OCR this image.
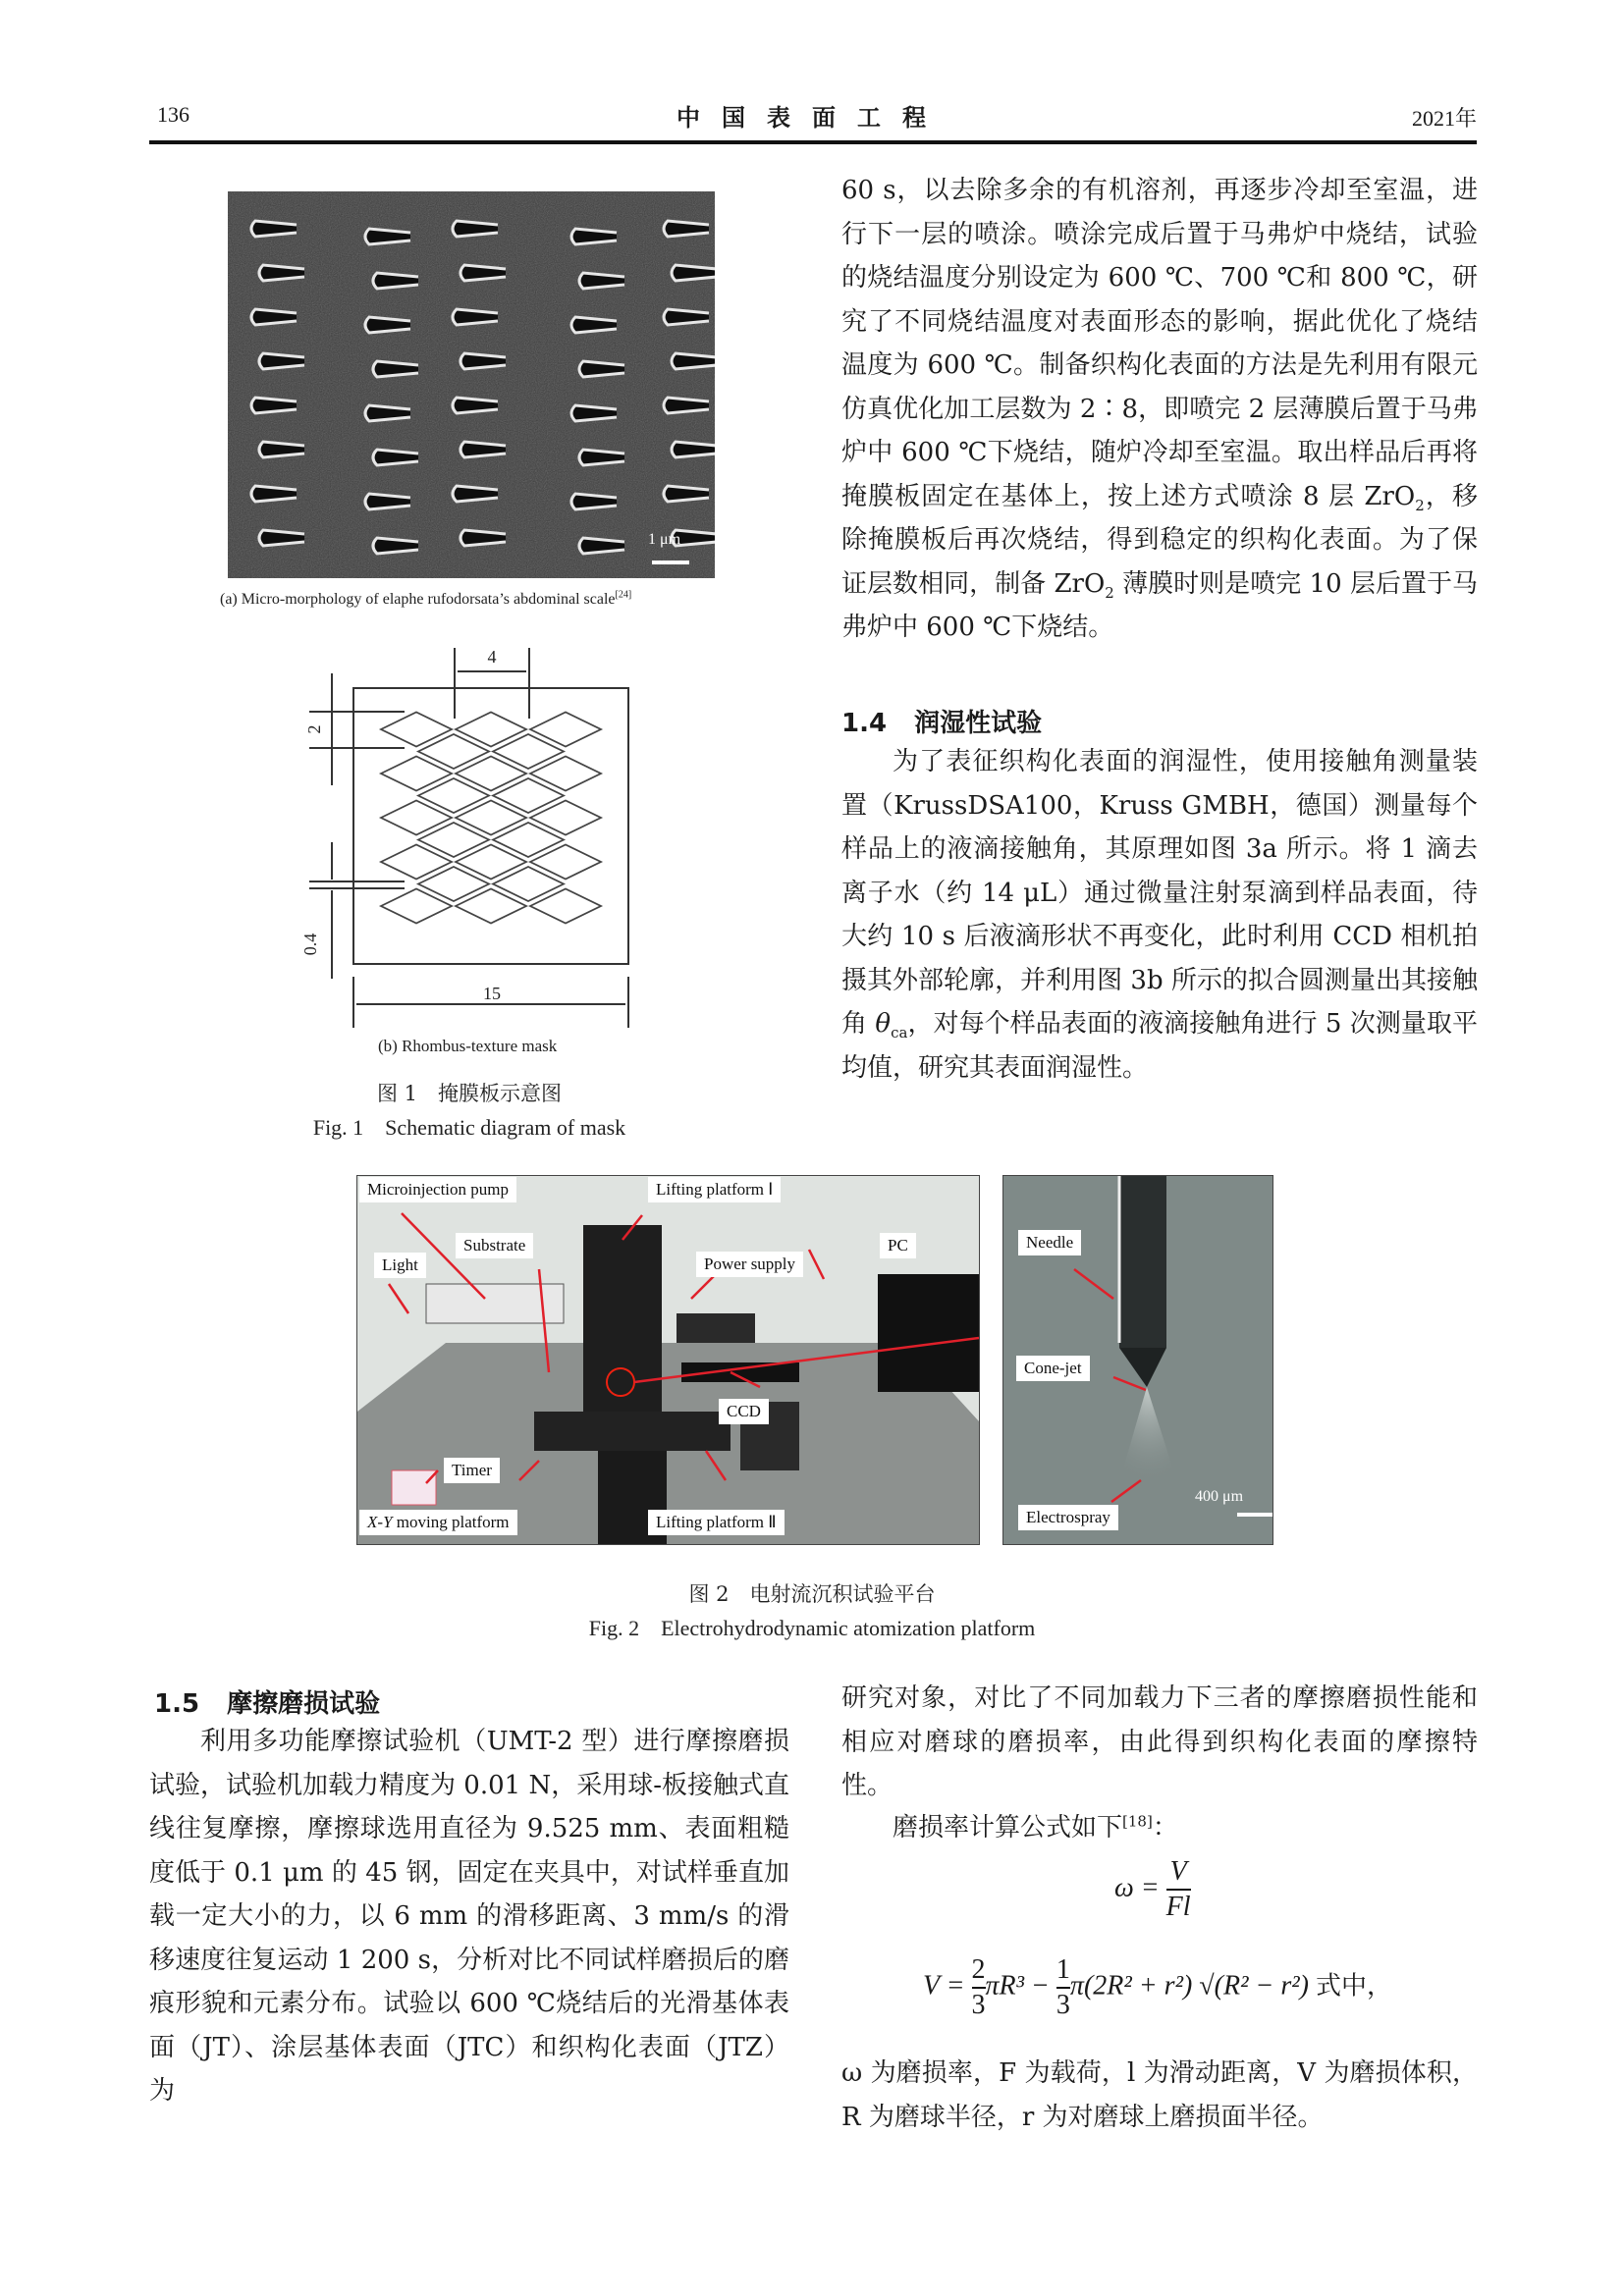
136	中国表面工程	2021年
1 μm
(a) Micro-morphology of elaphe rufodorsata’s abdominal scale[24]
4
15
2
0.4
(b) Rhombus-texture mask
图 1　掩膜板示意图
Fig. 1　Schematic diagram of mask

60 s，以去除多余的有机溶剂，再逐步冷却至室温，进行下一层的喷涂。喷涂完成后置于马弗炉中烧结，试验的烧结温度分别设定为 600 ℃、700 ℃和 800 ℃，研究了不同烧结温度对表面形态的影响，据此优化了烧结温度为 600 ℃。制备织构化表面的方法是先利用有限元仿真优化加工层数为 2∶8，即喷完 2 层薄膜后置于马弗炉中 600 ℃下烧结，随炉冷却至室温。取出样品后再将掩膜板固定在基体上，按上述方式喷涂 8 层 ZrO$_2$，移除掩膜板后再次烧结，得到稳定的织构化表面。为了保证层数相同，制备 ZrO$_2$ 薄膜时则是喷完 10 层后置于马弗炉中 600 ℃下烧结。

1.4 润湿性试验

为了表征织构化表面的润湿性，使用接触角测量装置（KrussDSA100，Kruss GMBH，德国）测量每个样品上的液滴接触角，其原理如图 3a 所示。将 1 滴去离子水（约 14 μL）通过微量注射泵滴到样品表面，待大约 10 s 后液滴形状不再变化，此时利用 CCD 相机拍摄其外部轮廓，并利用图 3b 所示的拟合圆测量出其接触角 $\theta_{ca}$，对每个样品表面的液滴接触角进行 5 次测量取平均值，研究其表面润湿性。

Microinjection pump	Lifting platform Ⅰ
Substrate
Light	Power supply
PC
CCD
Timer
X-Y moving platform	Lifting platform Ⅱ
Needle
Cone-jet
Electrospray
400 μm
图 2　电射流沉积试验平台
Fig. 2　Electrohydrodynamic atomization platform
1.5 摩擦磨损试验

利用多功能摩擦试验机（UMT-2 型）进行摩擦磨损试验，试验机加载力精度为 0.01 N，采用球-板接触式直线往复摩擦，摩擦球选用直径为 9.525 mm、表面粗糙度低于 0.1 μm 的 45 钢，固定在夹具中，对试样垂直加载一定大小的力，以 6 mm 的滑移距离、3 mm/s 的滑移速度往复运动 1 200 s，分析对比不同试样磨损后的磨痕形貌和元素分布。试验以 600 ℃烧结后的光滑基体表面（JT）、涂层基体表面（JTC）和织构化表面（JTZ）为

研究对象，对比了不同加载力下三者的摩擦磨损性能和相应对磨球的磨损率，由此得到织构化表面的摩擦特性。

磨损率计算公式如下[18]：

$\omega = \frac{V}{Fl}$
$V = \frac{2}{3} \pi R^3 - \frac{1}{3} \pi(2R^2 + r^2) √(R^2 - r^2)$ 式中，

ω 为磨损率，F 为载荷，l 为滑动距离，V 为磨损体积，R 为磨球半径，r 为对磨球上磨损面半径。
